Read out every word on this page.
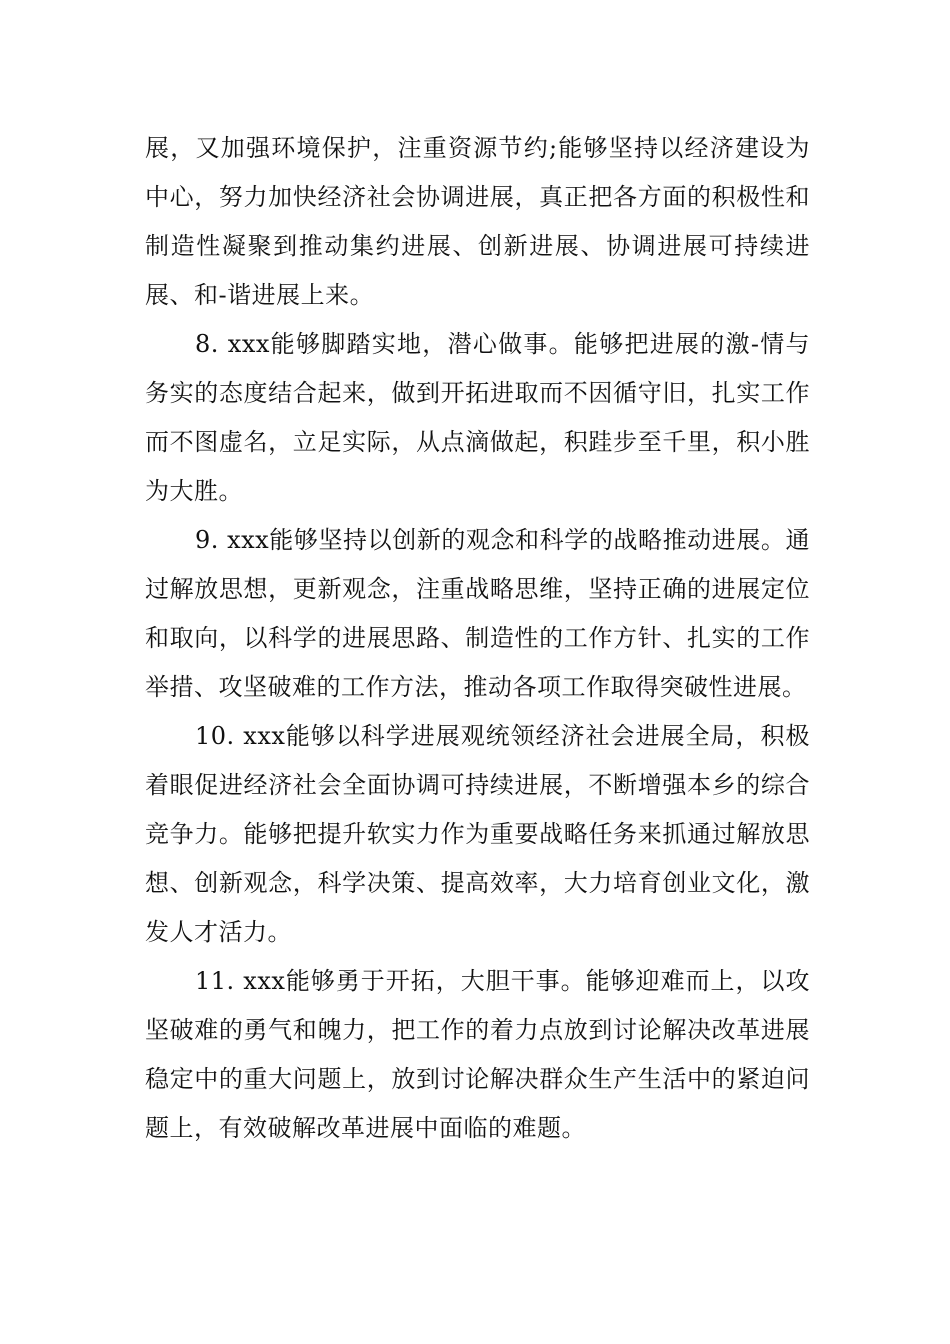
展，又加强环境保护，注重资源节约;能够坚持以经济建设为中心，努力加快经济社会协调进展，真正把各方面的积极性和制造性凝聚到推动集约进展、创新进展、协调进展可持续进展、和-谐进展上来。

8. xxx能够脚踏实地，潜心做事。能够把进展的激-情与务实的态度结合起来，做到开拓进取而不因循守旧，扎实工作而不图虚名，立足实际，从点滴做起，积跬步至千里，积小胜为大胜。

9. xxx能够坚持以创新的观念和科学的战略推动进展。通过解放思想，更新观念，注重战略思维，坚持正确的进展定位和取向，以科学的进展思路、制造性的工作方针、扎实的工作举措、攻坚破难的工作方法，推动各项工作取得突破性进展。

10. xxx能够以科学进展观统领经济社会进展全局，积极着眼促进经济社会全面协调可持续进展，不断增强本乡的综合竞争力。能够把提升软实力作为重要战略任务来抓通过解放思想、创新观念，科学决策、提高效率，大力培育创业文化，激发人才活力。

11. xxx能够勇于开拓，大胆干事。能够迎难而上，以攻坚破难的勇气和魄力，把工作的着力点放到讨论解决改革进展稳定中的重大问题上，放到讨论解决群众生产生活中的紧迫问题上，有效破解改革进展中面临的难题。
